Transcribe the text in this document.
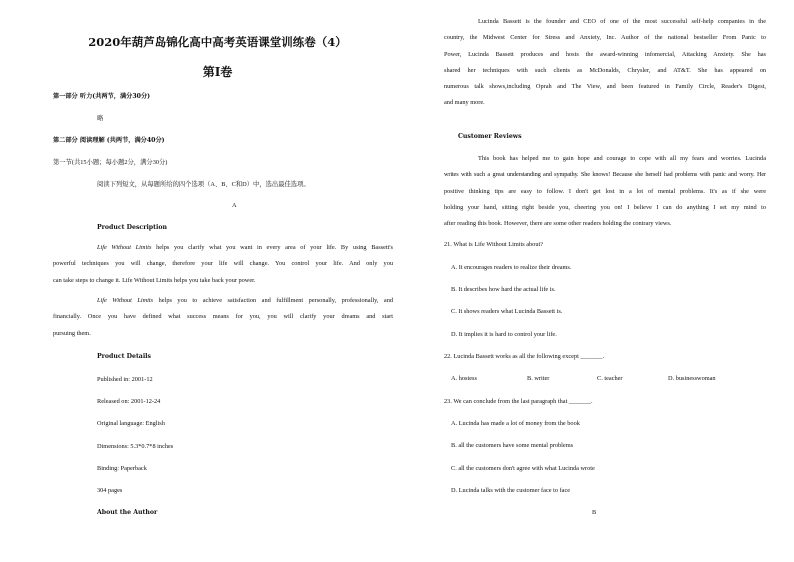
2020年葫芦岛锦化高中高考英语课堂训练卷（4）
第Ⅰ卷
第一部分 听力(共两节，满分30分)
略
第二部分 阅读理解 (共两节，满分40分)
第一节(共15小题；每小题2分，满分30分)
阅读下列短文，从每题所给的四个选项（A、B、C和D）中，选出最佳选项。
A
Product Description
Life Without Limits helps you clarify what you want in every area of your life. By using Bassett's
powerful techniques you will change, therefore your life will change. You control your life. And only you
can take steps to change it. Life Without Limits helps you take back your power.
Life Without Limits helps you to achieve satisfaction and fulfillment personally, professionally, and
financially. Once you have defined what success means for you, you will clarify your dreams and start
pursuing them.
Product Details
Published in: 2001-12
Released on: 2001-12-24
Original language: English
Dimensions: 5.3*0.7*8 inches
Binding: Paperback
304 pages
About the Author
Lucinda Bassett is the founder and CEO of one of the most successful self-help companies in the
country, the Midwest Center for Stress and Anxiety, Inc. Author of the national bestseller From Panic to
Power, Lucinda Bassett produces and hosts the award-winning infomercial, Attacking Anxiety. She has
shared her techniques with such clients as McDonalds, Chrysler, and AT&T. She has appeared on
numerous talk shows,including Oprah and The View, and been featured in Family Circle, Reader's Digest,
and many more.
Customer Reviews
This book has helped me to gain hope and courage to cope with all my fears and worries. Lucinda
writes with such a great understanding and sympathy. She knows! Because she herself had problems with panic and worry. Her
positive thinking tips are easy to follow. I don't get lost in a lot of mental problems. It's as if she were
holding your hand, sitting right beside you, cheering you on! I believe I can do anything I set my mind to
after reading this book. However, there are some other readers holding the contrary views.
21. What is Life Without Limits about?
A. It encourages readers to realize their dreams.
B. It describes how hard the actual life is.
C. It shows readers what Lucinda Bassett is.
D. It implies it is hard to control your life.
22. Lucinda Bassett works as all the following except _______.
A. hostess	B. writer	C. teacher	D. businesswoman
23. We can conclude from the last paragraph that _______.
A. Lucinda has made a lot of money from the book
B. all the customers have some mental problems
C. all the customers don't agree with what Lucinda wrote
D. Lucinda talks with the customer face to face
B
